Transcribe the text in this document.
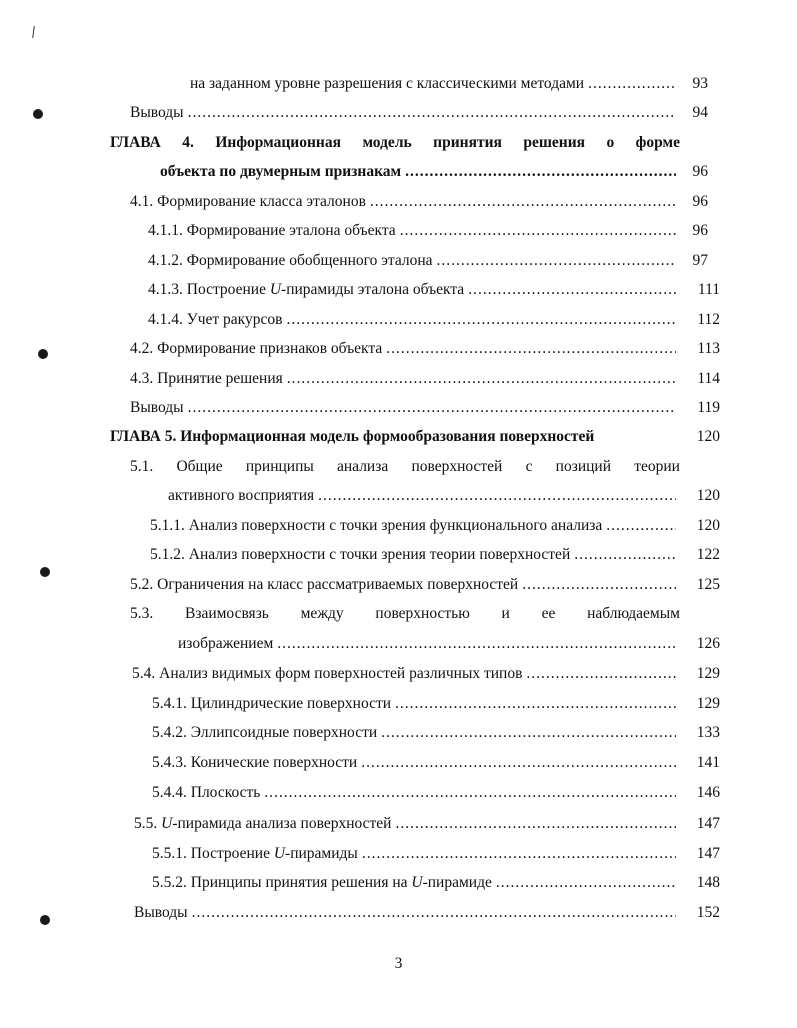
на заданном уровне разрешения с классическими методами .....	93
Выводы .....	94
ГЛАВА 4. Информационная модель принятия решения о форме
объекта по двумерным признакам .....	96
4.1. Формирование класса эталонов .....	96
4.1.1. Формирование эталона объекта .....	96
4.1.2. Формирование обобщенного эталона .....	97
4.1.3. Построение U-пирамиды эталона объекта .....	111
4.1.4. Учет ракурсов .....	112
4.2. Формирование признаков объекта .....	113
4.3. Принятие решения .....	114
Выводы .....	119
ГЛАВА 5. Информационная модель формообразования поверхностей	120
5.1. Общие принципы анализа поверхностей с позиций теории
активного восприятия .....	120
5.1.1. Анализ поверхности с точки зрения функционального анализа .....	120
5.1.2. Анализ поверхности с точки зрения теории поверхностей .....	122
5.2. Ограничения на класс рассматриваемых поверхностей .....	125
5.3. Взаимосвязь между поверхностью и ее наблюдаемым
изображением .....	126
5.4. Анализ видимых форм поверхностей различных типов .....	129
5.4.1. Цилиндрические поверхности .....	129
5.4.2. Эллипсоидные поверхности .....	133
5.4.3. Конические поверхности .....	141
5.4.4. Плоскость .....	146
5.5. U-пирамида анализа поверхностей .....	147
5.5.1. Построение U-пирамиды .....	147
5.5.2. Принципы принятия решения на U-пирамиде .....	148
Выводы .....	152
3
